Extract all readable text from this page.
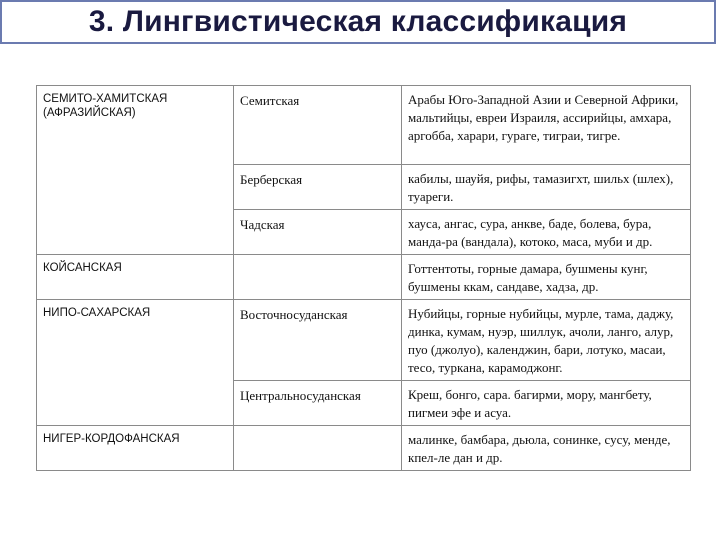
3. Лингвистическая классификация
СЕМИТО-ХАМИТСКАЯ (АФРАЗИЙСКАЯ)	Семитская	Арабы Юго-Западной Азии и Северной Африки, мальтийцы, евреи Израиля, ассирийцы, амхара, аргобба, харари, гураге, тиграи, тигре.
	Берберская	кабилы, шауйя, рифы, тамазигхт, шильх (шлех), туареги.
	Чадская	хауса, ангас, сура, анкве, баде, болева, бура, манда-ра (вандала), котоко, маса, муби и др.
КОЙСАНСКАЯ		Готтентоты, горные дамара, бушмены кунг, бушмены ккам, сандаве, хадза, др.
НИПО-САХАРСКАЯ	Восточносуданская	Нубийцы, горные нубийцы, мурле, тама, даджу, динка, кумам, нуэр, шиллук, ачоли, ланго, алур, пуо (джолуо), календжин, бари, лотуко, масаи, тесо, туркана, карамоджонг.
	Центральносуданская	Креш, бонго, сара. багирми, мору, мангбету, пигмеи эфе и асуа.
НИГЕР-КОРДОФАНСКАЯ		малинке, бамбара, дьюла, сонинке, сусу, менде, кпел-ле дан и др.
